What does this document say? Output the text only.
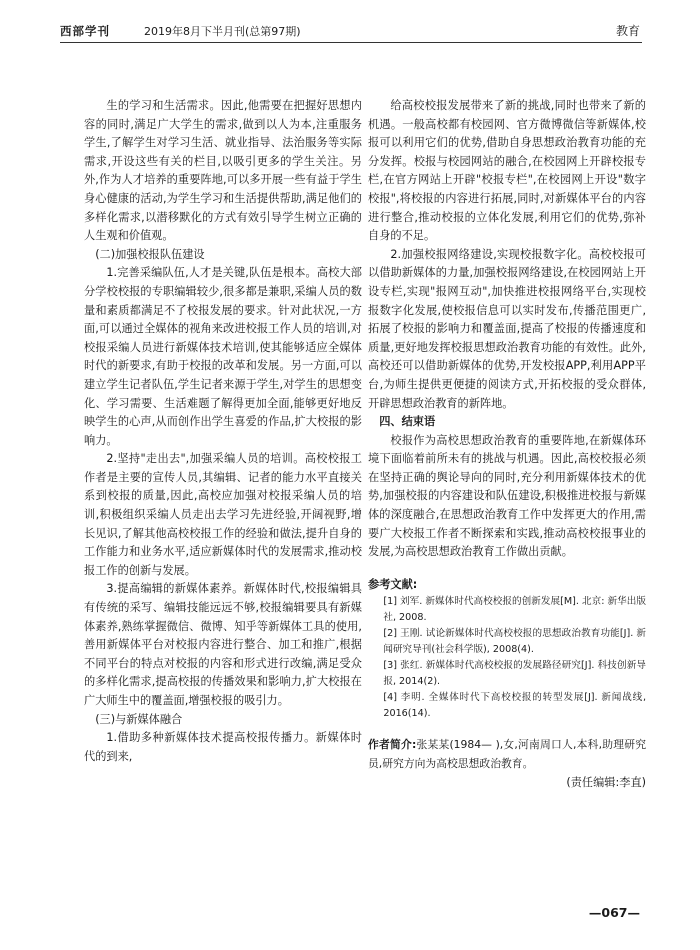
西部学刊	2019年8月下半月刊(总第97期)	教育

生的学习和生活需求。因此,他需要在把握好思想内容的同时,满足广大学生的需求,做到以人为本,注重服务学生,了解学生对学习生活、就业指导、法治服务等实际需求,开设这些有关的栏目,以吸引更多的学生关注。另外,作为人才培养的重要阵地,可以多开展一些有益于学生身心健康的活动,为学生学习和生活提供帮助,满足他们的多样化需求,以潜移默化的方式有效引导学生树立正确的人生观和价值观。

(二)加强校报队伍建设

1.完善采编队伍,人才是关键,队伍是根本。高校大部分学校校报的专职编辑较少,很多都是兼职,采编人员的数量和素质都满足不了校报发展的要求。针对此状况,一方面,可以通过全媒体的视角来改进校报工作人员的培训,对校报采编人员进行新媒体技术培训,使其能够适应全媒体时代的新要求,有助于校报的改革和发展。另一方面,可以建立学生记者队伍,学生记者来源于学生,对学生的思想变化、学习需要、生活难题了解得更加全面,能够更好地反映学生的心声,从而创作出学生喜爱的作品,扩大校报的影响力。

2.坚持"走出去",加强采编人员的培训。高校校报工作者是主要的宣传人员,其编辑、记者的能力水平直接关系到校报的质量,因此,高校应加强对校报采编人员的培训,积极组织采编人员走出去学习先进经验,开阔视野,增长见识,了解其他高校校报工作的经验和做法,提升自身的工作能力和业务水平,适应新媒体时代的发展需求,推动校报工作的创新与发展。

3.提高编辑的新媒体素养。新媒体时代,校报编辑具有传统的采写、编辑技能远远不够,校报编辑要具有新媒体素养,熟练掌握微信、微博、知乎等新媒体工具的使用,善用新媒体平台对校报内容进行整合、加工和推广,根据不同平台的特点对校报的内容和形式进行改编,满足受众的多样化需求,提高校报的传播效果和影响力,扩大校报在广大师生中的覆盖面,增强校报的吸引力。

(三)与新媒体融合

1.借助多种新媒体技术提高校报传播力。新媒体时代的到来,

给高校校报发展带来了新的挑战,同时也带来了新的机遇。一般高校都有校园网、官方微博微信等新媒体,校报可以利用它们的优势,借助自身思想政治教育功能的充分发挥。校报与校园网站的融合,在校园网上开辟校报专栏,在官方网站上开辟"校报专栏",在校园网上开设"数字校报",将校报的内容进行拓展,同时,对新媒体平台的内容进行整合,推动校报的立体化发展,利用它们的优势,弥补自身的不足。

2.加强校报网络建设,实现校报数字化。高校校报可以借助新媒体的力量,加强校报网络建设,在校园网站上开设专栏,实现"报网互动",加快推进校报网络平台,实现校报数字化发展,使校报信息可以实时发布,传播范围更广,拓展了校报的影响力和覆盖面,提高了校报的传播速度和质量,更好地发挥校报思想政治教育功能的有效性。此外,高校还可以借助新媒体的优势,开发校报APP,利用APP平台,为师生提供更便捷的阅读方式,开拓校报的受众群体,开辟思想政治教育的新阵地。

四、结束语

校报作为高校思想政治教育的重要阵地,在新媒体环境下面临着前所未有的挑战与机遇。因此,高校校报必须在坚持正确的舆论导向的同时,充分利用新媒体技术的优势,加强校报的内容建设和队伍建设,积极推进校报与新媒体的深度融合,在思想政治教育工作中发挥更大的作用,需要广大校报工作者不断探索和实践,推动高校校报事业的发展,为高校思想政治教育工作做出贡献。

参考文献:

[1] 刘军. 新媒体时代高校校报的创新发展[M]. 北京: 新华出版社, 2008.

[2] 王刚. 试论新媒体时代高校校报的思想政治教育功能[J]. 新闻研究导刊(社会科学版), 2008(4).

[3] 张红. 新媒体时代高校校报的发展路径研究[J]. 科技创新导报, 2014(2).

[4] 李明. 全媒体时代下高校校报的转型发展[J]. 新闻战线, 2016(14).

作者简介:张某某(1984— ),女,河南周口人,本科,助理研究员,研究方向为高校思想政治教育。

(责任编辑:李直)

—067—
